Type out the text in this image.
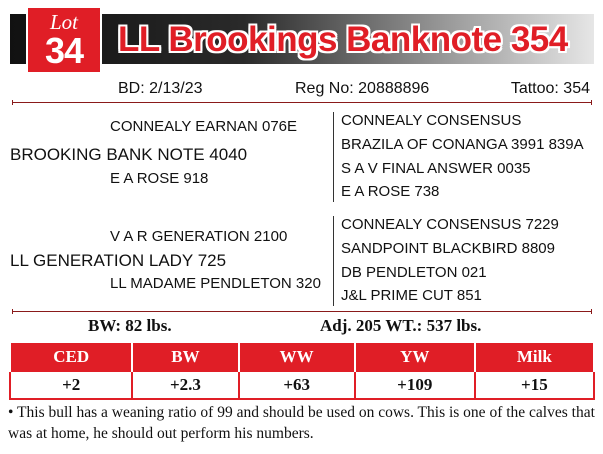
Lot
34 LL Brookings Banknote 354
BD: 2/13/23	Reg No: 20888896	Tattoo: 354
CONNEALY EARNAN 076E
BROOKING BANK NOTE 4040
E A ROSE 918
CONNEALY CONSENSUS
BRAZILA OF CONANGA 3991 839A
S A V FINAL ANSWER 0035
E A ROSE 738
V A R GENERATION 2100
LL GENERATION LADY 725
LL MADAME PENDLETON 320
CONNEALY CONSENSUS 7229
SANDPOINT BLACKBIRD 8809
DB PENDLETON 021
J&L PRIME CUT 851
BW: 82 lbs.	Adj. 205 WT.: 537 lbs.
CED	BW	WW	YW	Milk
+2	+2.3	+63	+109	+15
• This bull has a weaning ratio of 99 and should be used on cows. This is one of the calves that was at home, he should out perform his numbers.
